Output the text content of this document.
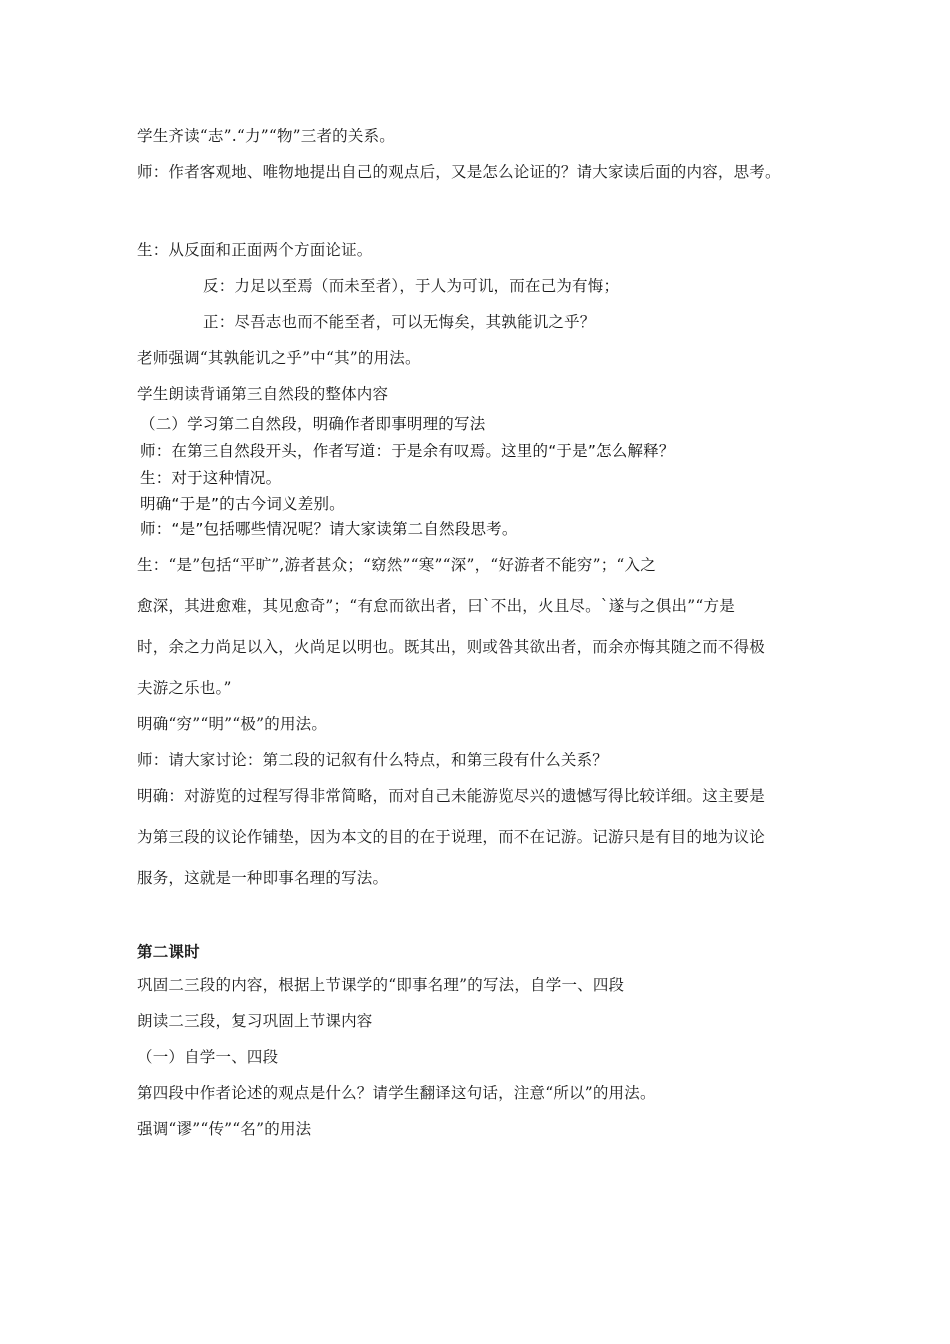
学生齐读“志”.“力”“物”三者的关系。
师：作者客观地、唯物地提出自己的观点后，又是怎么论证的？请大家读后面的内容，思考。
生：从反面和正面两个方面论证。
反：力足以至焉（而未至者），于人为可讥，而在己为有悔；
正：尽吾志也而不能至者，可以无悔矣，其孰能讥之乎？
老师强调“其孰能讥之乎”中“其”的用法。
学生朗读背诵第三自然段的整体内容
（二）学习第二自然段，明确作者即事明理的写法
师：在第三自然段开头，作者写道：于是余有叹焉。这里的“于是”怎么解释？
生：对于这种情况。
明确“于是”的古今词义差别。
师：“是”包括哪些情况呢？请大家读第二自然段思考。
生：“是”包括“平旷”,游者甚众；“窈然”“寒”“深”，“好游者不能穷”；“入之
愈深，其进愈难，其见愈奇”；“有怠而欲出者，曰`不出，火且尽。`遂与之俱出”“方是
时，余之力尚足以入，火尚足以明也。既其出，则或咎其欲出者，而余亦悔其随之而不得极
夫游之乐也。”
明确“穷”“明”“极”的用法。
师：请大家讨论：第二段的记叙有什么特点，和第三段有什么关系？
明确：对游览的过程写得非常简略，而对自己未能游览尽兴的遗憾写得比较详细。这主要是
为第三段的议论作铺垫，因为本文的目的在于说理，而不在记游。记游只是有目的地为议论
服务，这就是一种即事名理的写法。
第二课时
巩固二三段的内容，根据上节课学的“即事名理”的写法，自学一、四段
朗读二三段，复习巩固上节课内容
（一）自学一、四段
第四段中作者论述的观点是什么？请学生翻译这句话，注意“所以”的用法。
强调“谬”“传”“名”的用法
